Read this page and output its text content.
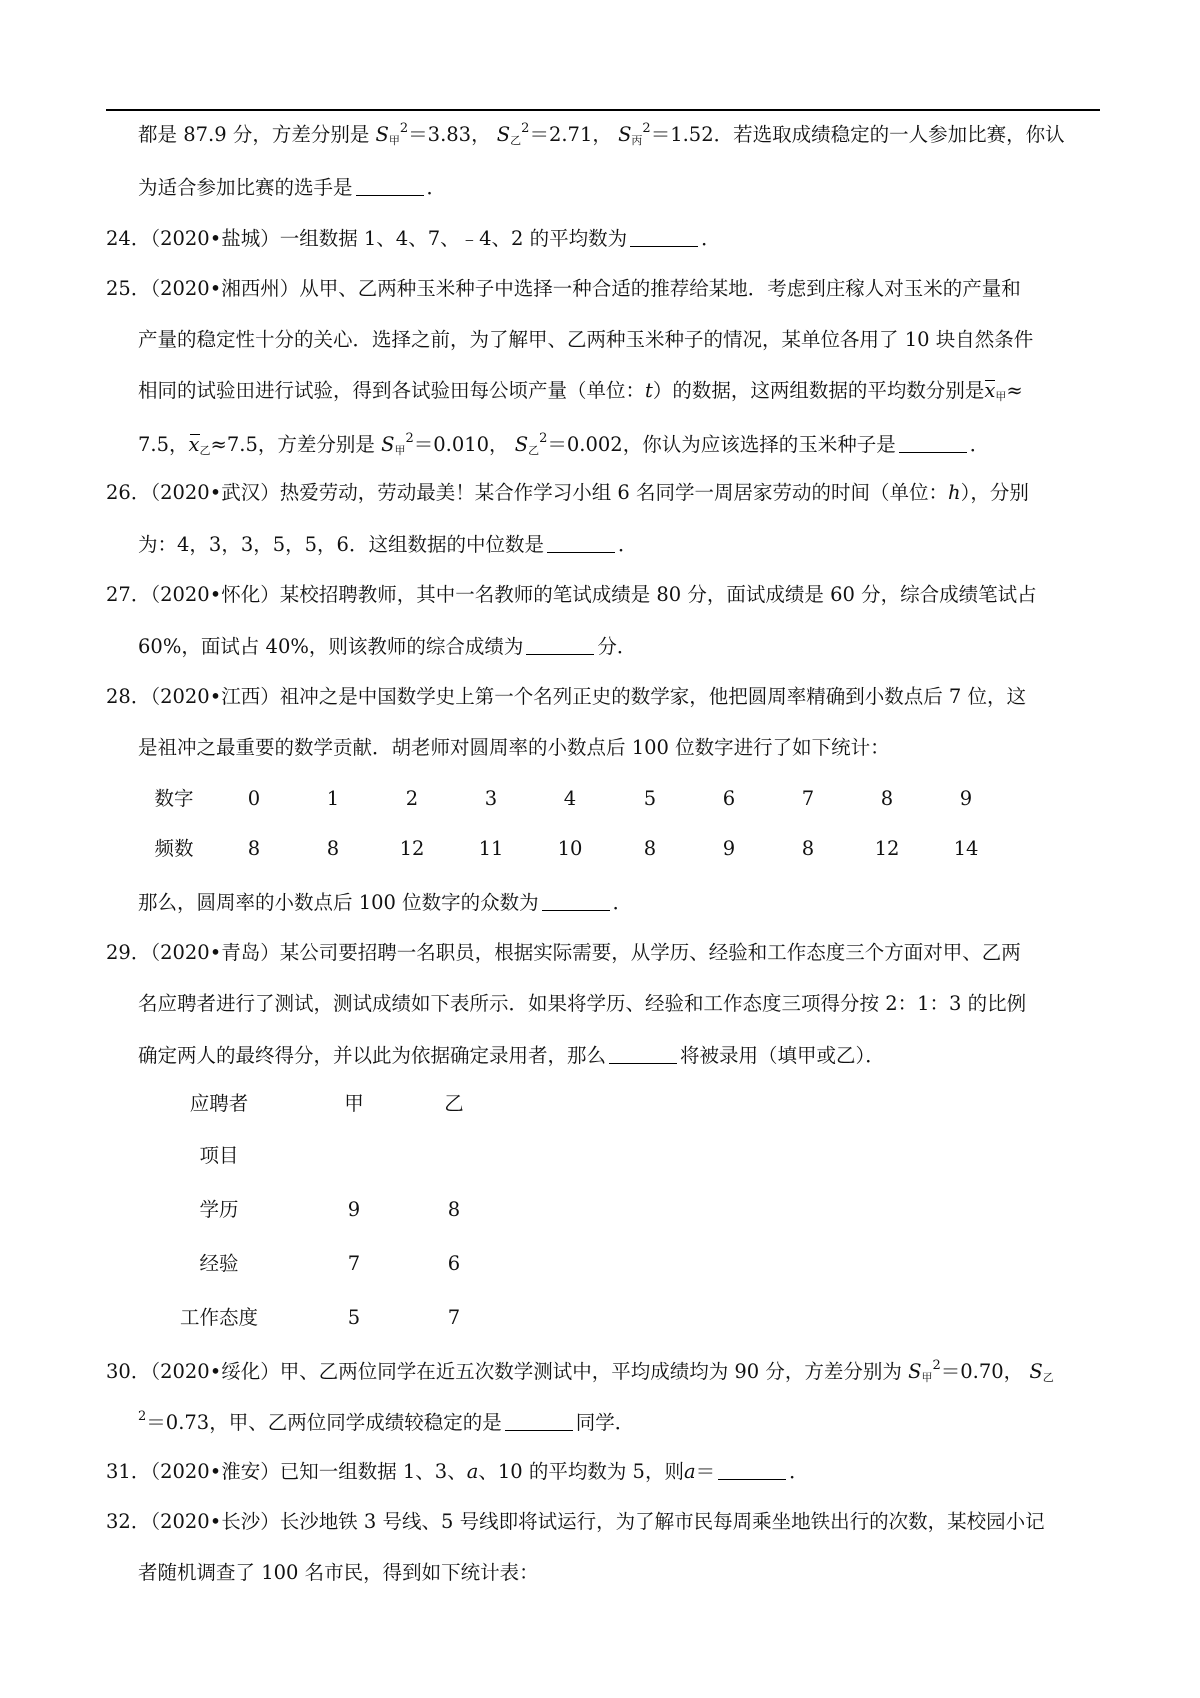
都是 87.9 分，方差分别是 $S_甲^2=3.83$， $S_乙^2=2.71$， $S_丙^2=1.52$．若选取成绩稳定的一人参加比赛，你认
为适合参加比赛的选手是	．
24．（2020•盐城）一组数据 1、4、7、﹣4、2 的平均数为	．
25．（2020•湘西州）从甲、乙两种玉米种子中选择一种合适的推荐给某地．考虑到庄稼人对玉米的产量和
产量的稳定性十分的关心．选择之前，为了解甲、乙两种玉米种子的情况，某单位各用了 10 块自然条件
相同的试验田进行试验，得到各试验田每公顷产量（单位：t）的数据，这两组数据的平均数分别是$x_甲\approx$
7.5，$x_乙\approx 7.5$，方差分别是 $S_甲^2=0.010$， $S_乙^2=0.002$，你认为应该选择的玉米种子是	．
26．（2020•武汉）热爱劳动，劳动最美！某合作学习小组 6 名同学一周居家劳动的时间（单位：h），分别
为：4，3，3，5，5，6．这组数据的中位数是	．
27．（2020•怀化）某校招聘教师，其中一名教师的笔试成绩是 80 分，面试成绩是 60 分，综合成绩笔试占
60%，面试占 40%，则该教师的综合成绩为	分．
28．（2020•江西）祖冲之是中国数学史上第一个名列正史的数学家，他把圆周率精确到小数点后 7 位，这
是祖冲之最重要的数学贡献．胡老师对圆周率的小数点后 100 位数字进行了如下统计：
数字	0	1	2	3	4	5	6	7	8	9
频数	8	8	12	11	10	8	9	8	12	14
那么，圆周率的小数点后 100 位数字的众数为	．
29．（2020•青岛）某公司要招聘一名职员，根据实际需要，从学历、经验和工作态度三个方面对甲、乙两
名应聘者进行了测试，测试成绩如下表所示．如果将学历、经验和工作态度三项得分按 2：1：3 的比例
确定两人的最终得分，并以此为依据确定录用者，那么	将被录用（填甲或乙）．
应聘者	甲	乙
项目
学历	9	8
经验	7	6
工作态度	5	7
30．（2020•绥化）甲、乙两位同学在近五次数学测试中，平均成绩均为 90 分，方差分别为 $S_甲^2=0.70$， $S_乙$
$^2$＝0.73，甲、乙两位同学成绩较稳定的是	同学．
31．（2020•淮安）已知一组数据 1、3、a、10 的平均数为 5，则a＝	．
32．（2020•长沙）长沙地铁 3 号线、5 号线即将试运行，为了解市民每周乘坐地铁出行的次数，某校园小记
者随机调查了 100 名市民，得到如下统计表：
